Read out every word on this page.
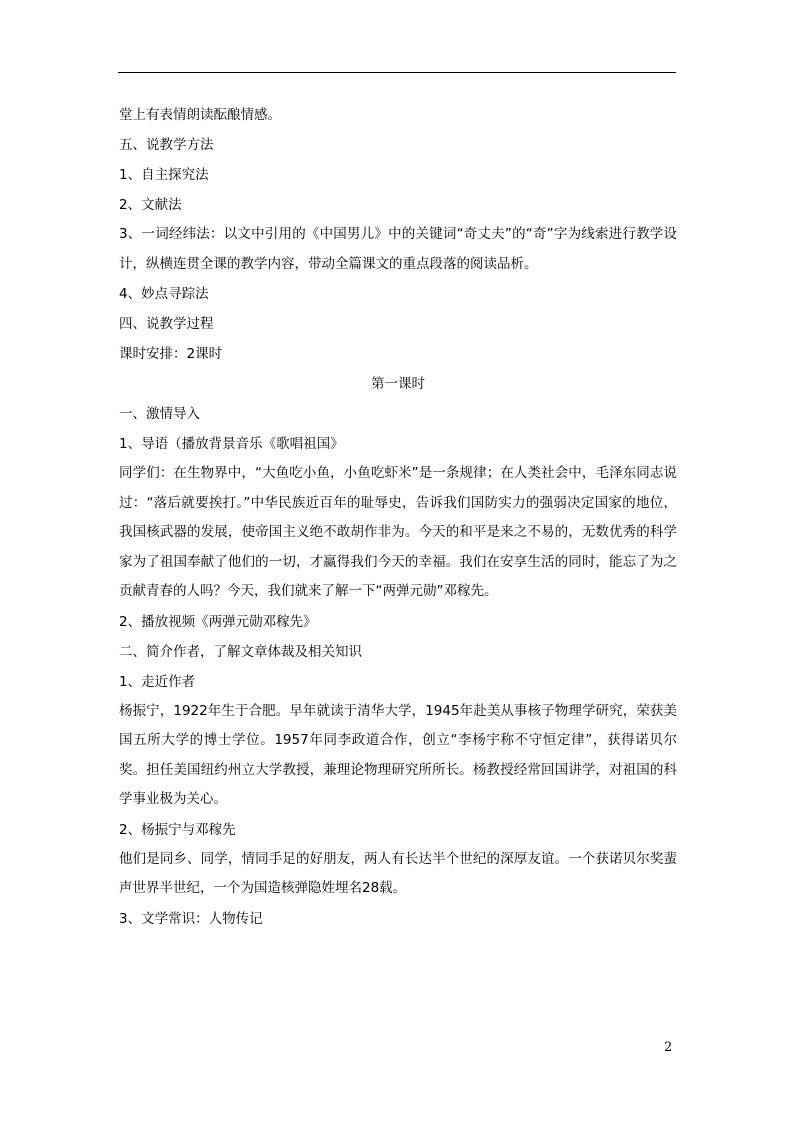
堂上有表情朗读酝酿情感。
五、说教学方法
1、自主探究法
2、文献法
3、一词经纬法：以文中引用的《中国男儿》中的关键词“奇丈夫”的“奇”字为线索进行教学设计，纵横连贯全课的教学内容，带动全篇课文的重点段落的阅读品析。
4、妙点寻踪法
四、说教学过程
课时安排：2课时
第一课时
一、激情导入
1、导语（播放背景音乐《歌唱祖国》
同学们：在生物界中，“大鱼吃小鱼，小鱼吃虾米”是一条规律；在人类社会中，毛泽东同志说过：“落后就要挨打。”中华民族近百年的耻辱史，告诉我们国防实力的强弱决定国家的地位，我国核武器的发展，使帝国主义绝不敢胡作非为。今天的和平是来之不易的，无数优秀的科学家为了祖国奉献了他们的一切，才赢得我们今天的幸福。我们在安享生活的同时，能忘了为之贡献青春的人吗？今天，我们就来了解一下“两弹元勋”邓稼先。
2、播放视频《两弹元勋邓稼先》
二、简介作者，了解文章体裁及相关知识
1、走近作者
杨振宁，1922年生于合肥。早年就读于清华大学，1945年赴美从事核子物理学研究，荣获美国五所大学的博士学位。1957年同李政道合作，创立“李杨宇称不守恒定律”，获得诺贝尔奖。担任美国纽约州立大学教授，兼理论物理研究所所长。杨教授经常回国讲学，对祖国的科学事业极为关心。
2、杨振宁与邓稼先
他们是同乡、同学，情同手足的好朋友，两人有长达半个世纪的深厚友谊。一个获诺贝尔奖蜚声世界半世纪，一个为国造核弹隐姓埋名28载。
3、文学常识：人物传记
2
